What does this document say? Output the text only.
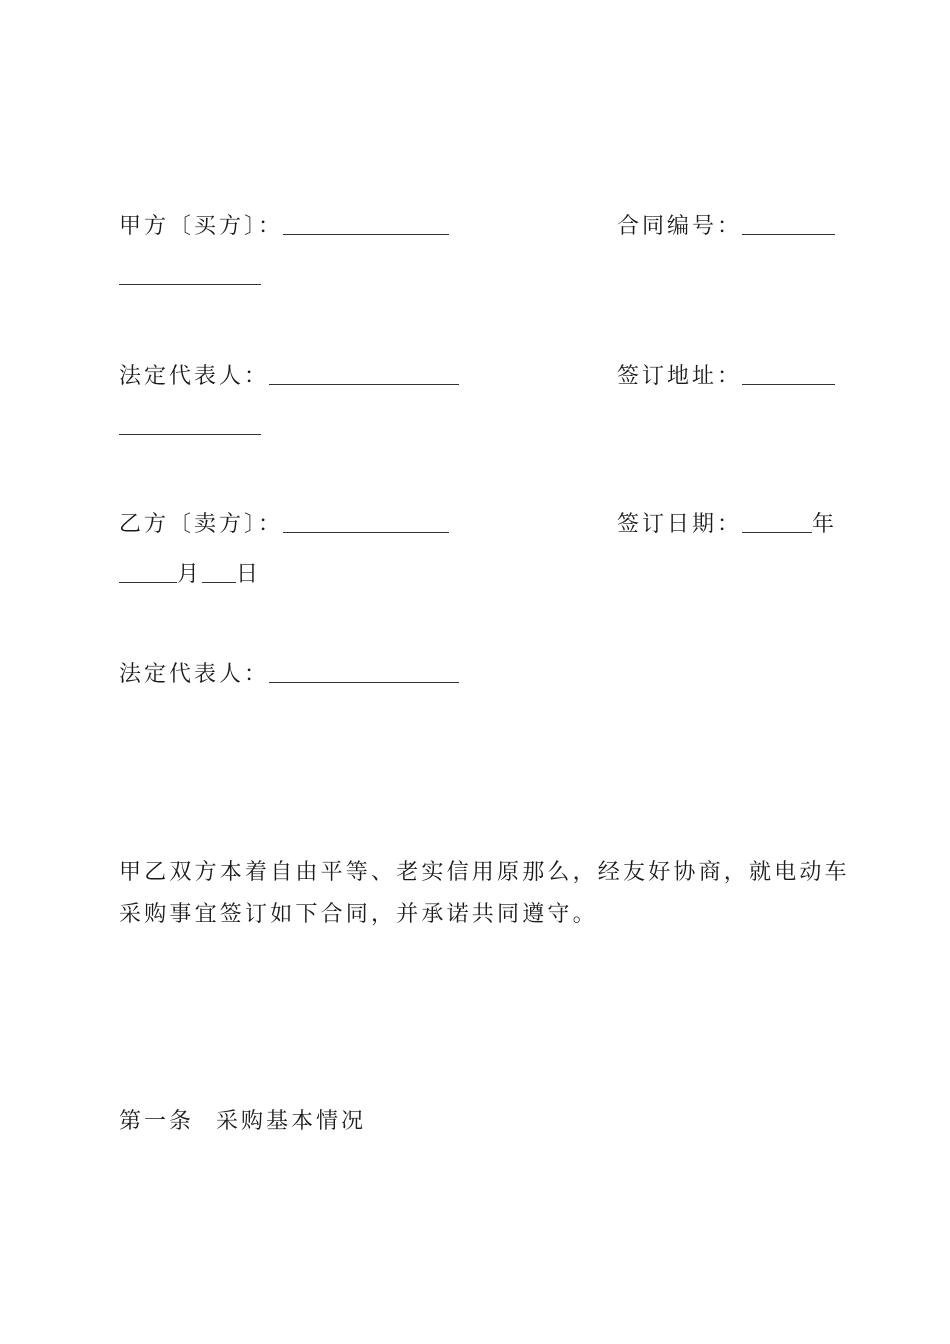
甲方〔买方〕：	合同编号：
法定代表人：	签订地址：
乙方〔卖方〕：	签订日期：	年
月 日
法定代表人：
甲乙双方本着自由平等、老实信用原那么，经友好协商，就电动车
采购事宜签订如下合同，并承诺共同遵守。
第一条 采购基本情况
